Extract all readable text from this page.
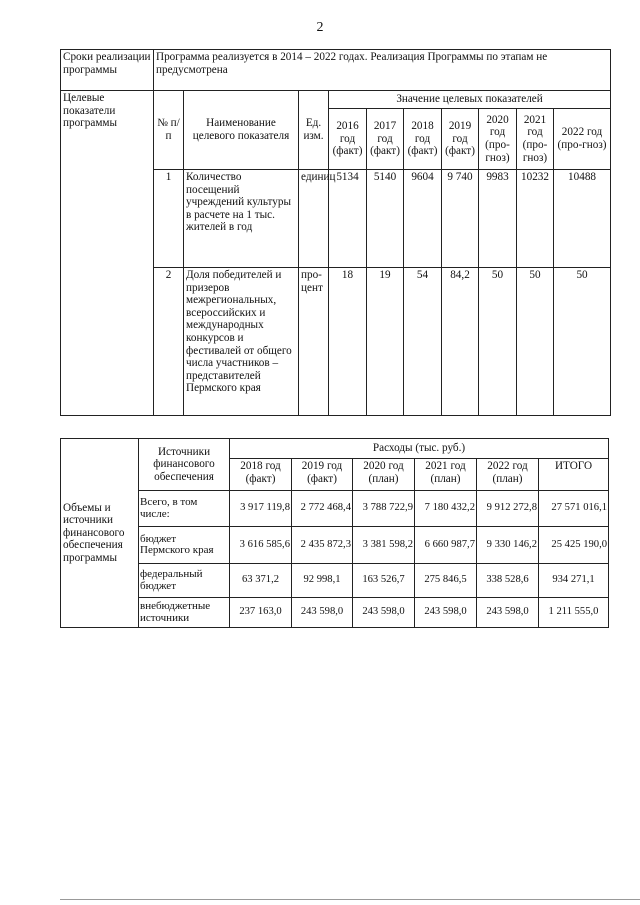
2
Сроки реализации программы	Программа реализуется в 2014 – 2022 годах. Реализация Программы по этапам не предусмотрена									
Целевые показатели программы	№ п/п	Наименование целевого показателя	Ед. изм.	Значение целевых показателей						
				2016 год (факт)	2017 год (факт)	2018 год (факт)	2019 год (факт)	2020 год (про-гноз)	2021 год (про-гноз)	2022 год (про-гноз)
	1	Количество посещений учреждений культуры в расчете на 1 тыс. жителей в год	единиц	5134	5140	9604	9 740	9983	10232	10488
	2	Доля победителей и призеров межрегиональных, всероссийских и международных конкурсов и фестивалей от общего числа участников – представителей Пермского края	про-цент	18	19	54	84,2	50	50	50
Объемы и источники финансового обеспечения программы	Источники финансового обеспечения	Расходы (тыс. руб.)					
		2018 год (факт)	2019 год (факт)	2020 год (план)	2021 год (план)	2022 год (план)	ИТОГО
	Всего, в том числе:	3 917 119,8	2 772 468,4	3 788 722,9	7 180 432,2	9 912 272,8	27 571 016,1
	бюджет Пермского края	3 616 585,6	2 435 872,3	3 381 598,2	6 660 987,7	9 330 146,2	25 425 190,0
	федеральный бюджет	63 371,2	92 998,1	163 526,7	275 846,5	338 528,6	934 271,1
	внебюджетные источники	237 163,0	243 598,0	243 598,0	243 598,0	243 598,0	1 211 555,0
